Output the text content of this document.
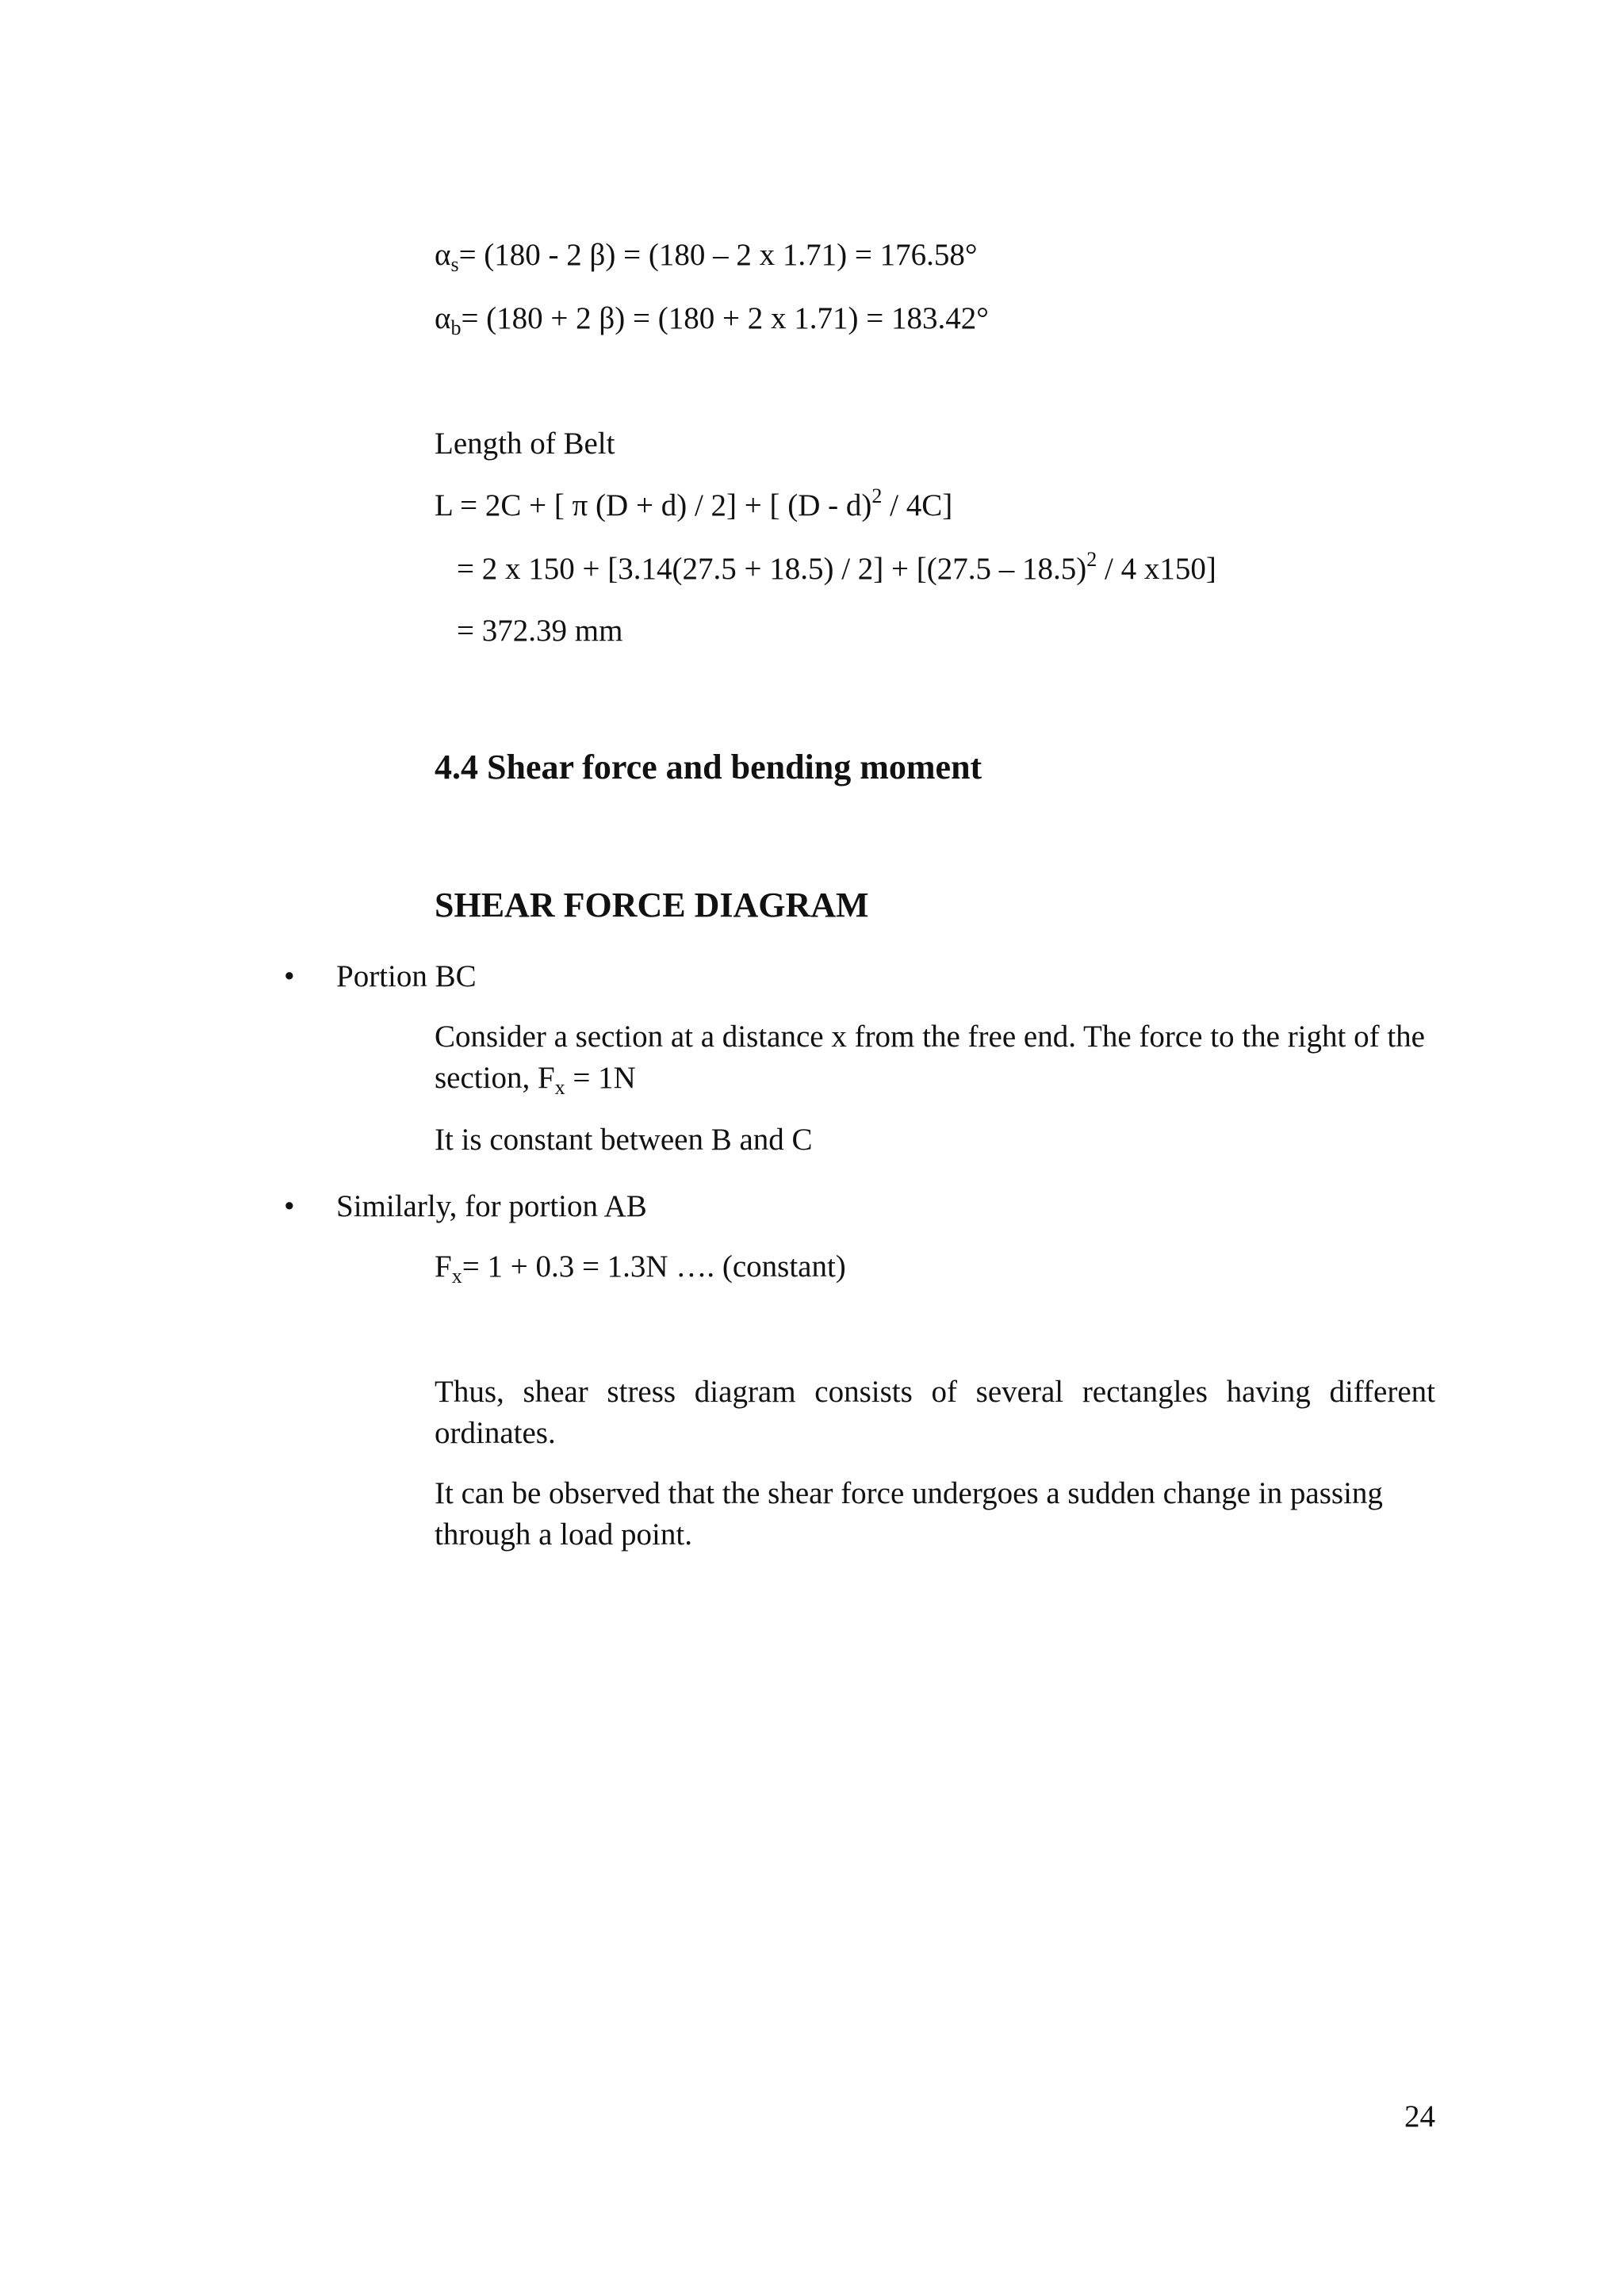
$\alpha_s= (180 - 2$ β) = (180 – 2 x 1.71) = 176.58°
$\alpha_b= (180 + 2$ β) = (180 + 2 x 1.71) = 183.42°
Length of Belt
L = 2C + [ π (D + d) / 2] + [ (D - d)$^2$ / 4C]
= 2 x 150 + [3.14(27.5 + 18.5) / 2] + [(27.5 – 18.5)$^2$ / 4 x150]
= 372.39 mm
4.4 Shear force and bending moment
SHEAR FORCE DIAGRAM
• Portion BC
Consider a section at a distance x from the free end. The force to the right of the section, $F_x = 1N$
It is constant between B and C
• Similarly, for portion AB
$F_x= 1 + 0.3 = 1.3N$ …. (constant)
Thus, shear stress diagram consists of several rectangles having different ordinates.
It can be observed that the shear force undergoes a sudden change in passing through a load point.
24
